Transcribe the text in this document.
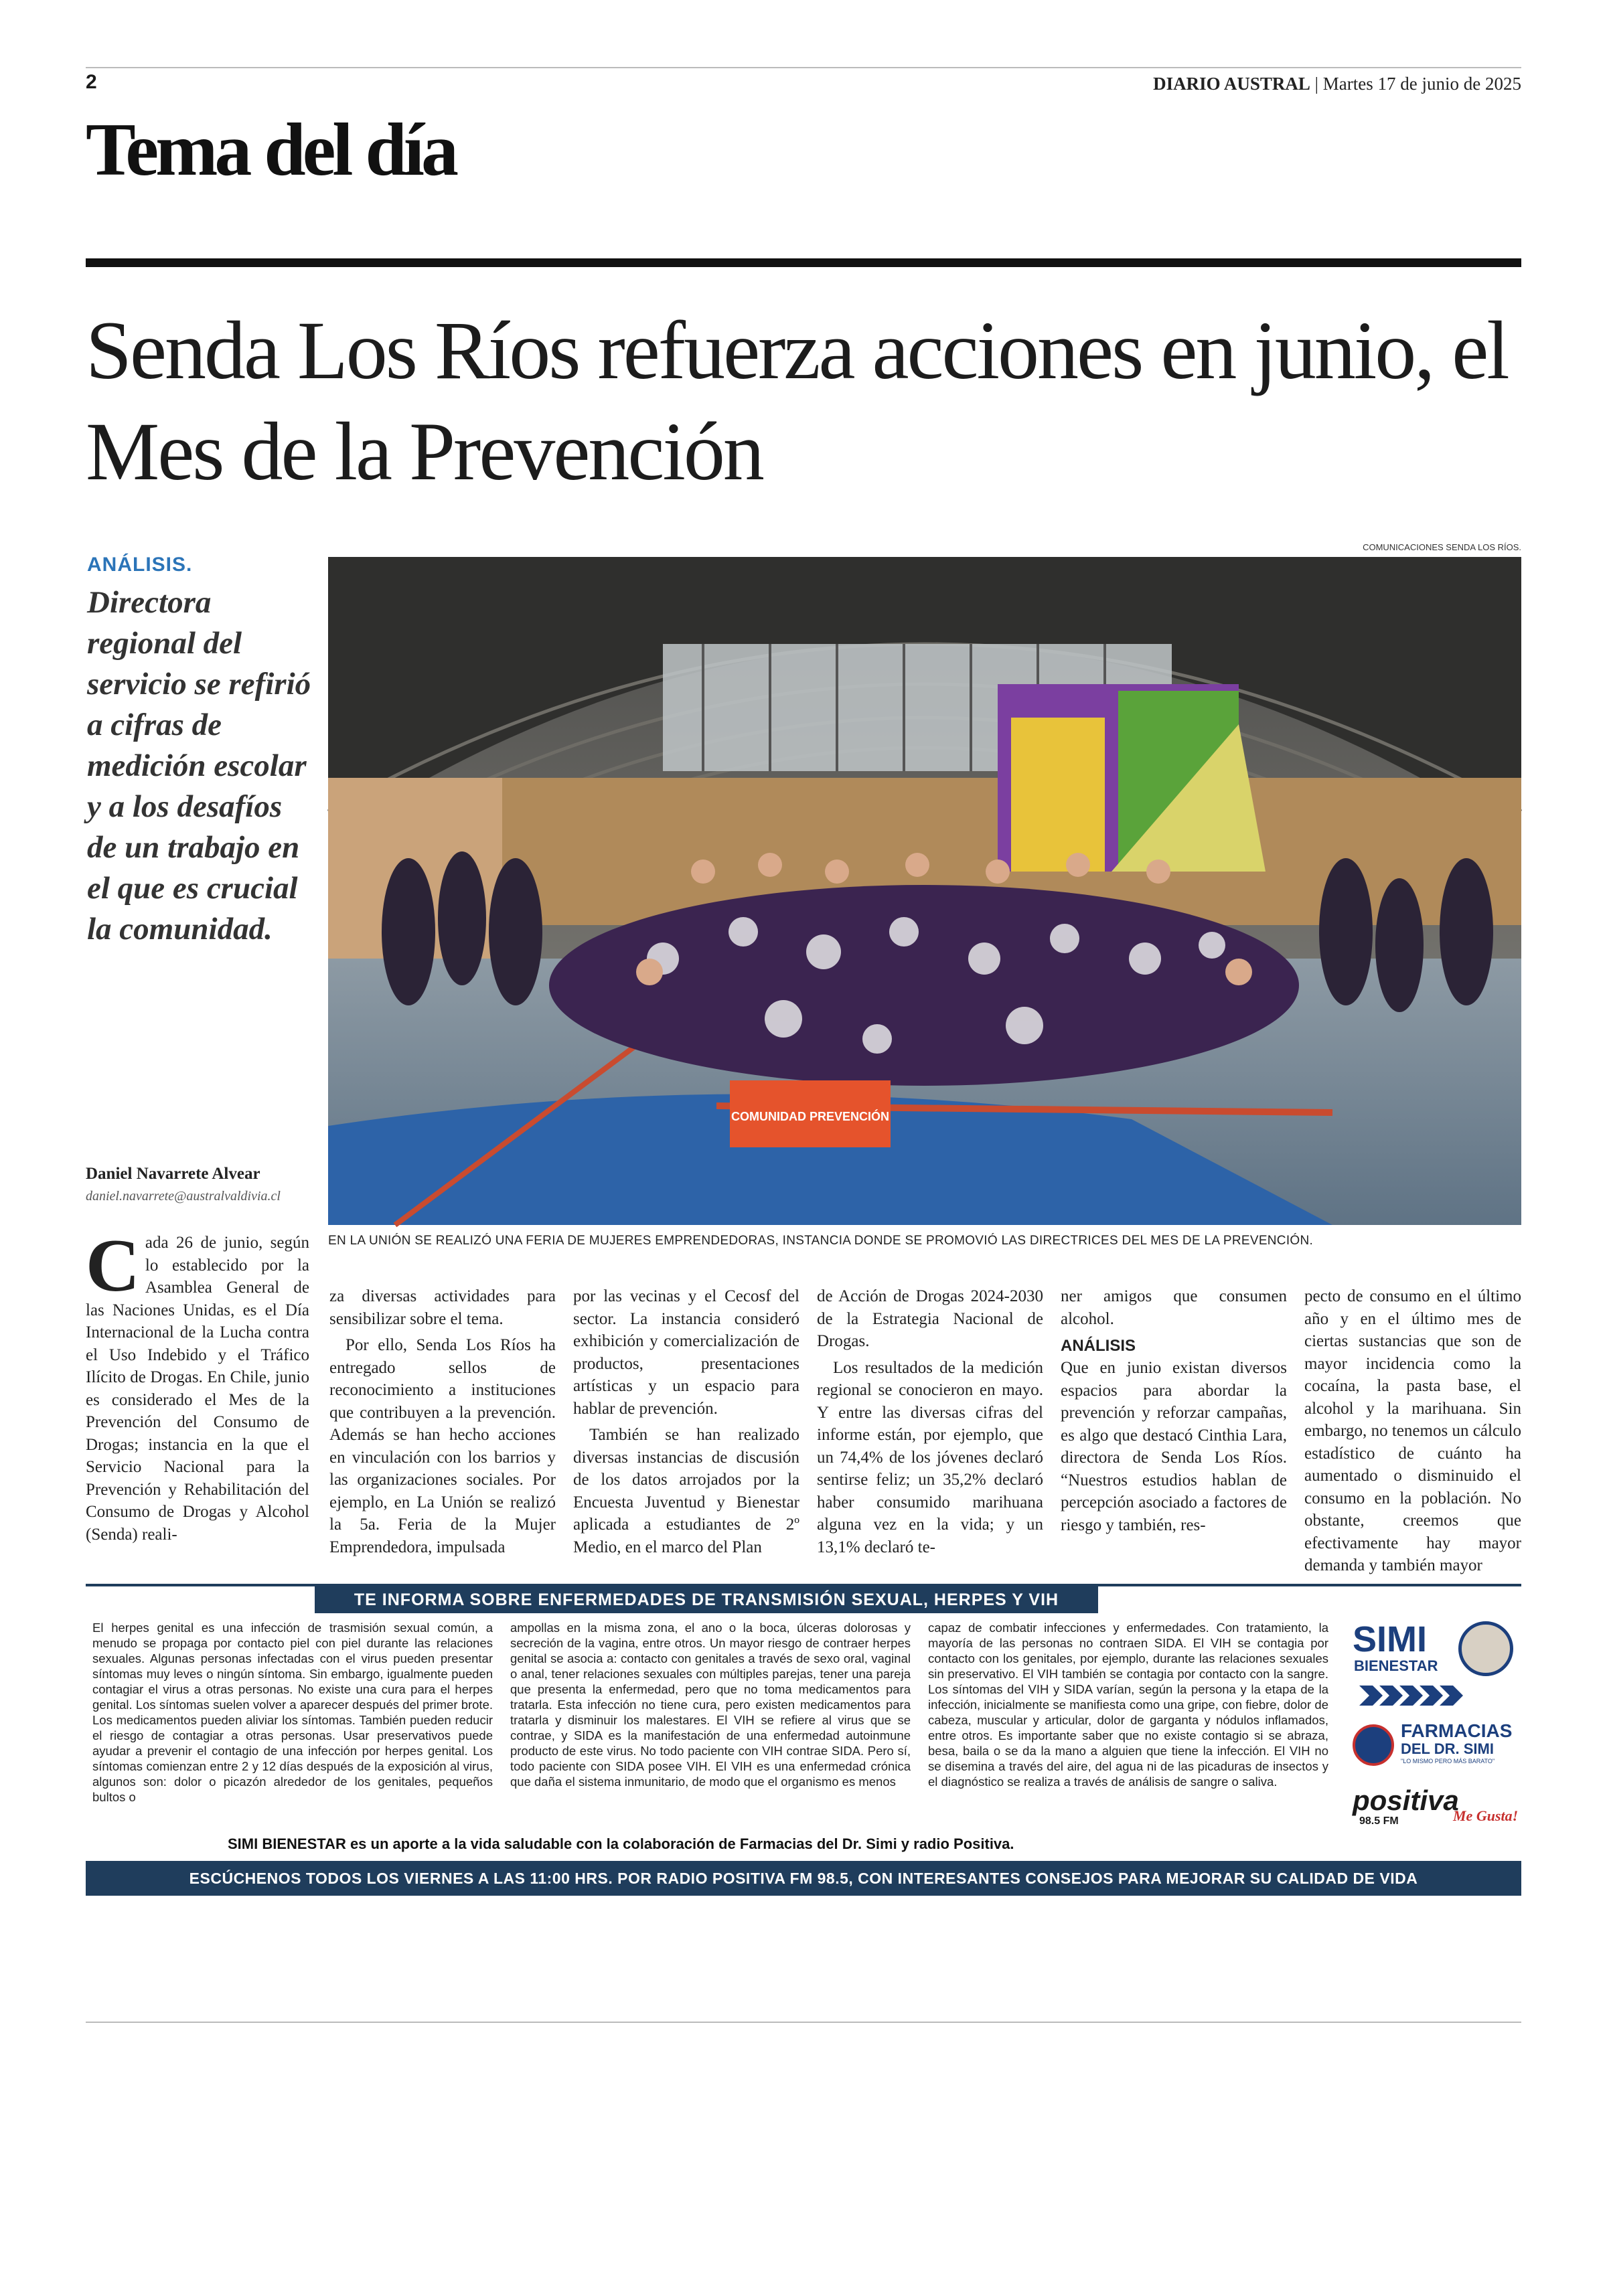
2	DIARIO AUSTRAL | Martes 17 de junio de 2025
Tema del día
Senda Los Ríos refuerza acciones en junio, el Mes de la Prevención
ANÁLISIS.
Directora regional del servicio se refirió a cifras de medición escolar y a los desafíos de un trabajo en el que es crucial la comunidad.
COMUNICACIONES SENDA LOS RÍOS.
COMUNIDAD PREVENCIÓN
Daniel Navarrete Alvear
daniel.navarrete@australvaldivia.cl
EN LA UNIÓN SE REALIZÓ UNA FERIA DE MUJERES EMPRENDEDORAS, INSTANCIA DONDE SE PROMOVIÓ LAS DIRECTRICES DEL MES DE LA PREVENCIÓN.

Cada 26 de junio, según lo establecido por la Asamblea General de las Naciones Unidas, es el Día Internacional de la Lucha contra el Uso Indebido y el Tráfico Ilícito de Drogas. En Chile, junio es considerado el Mes de la Prevención del Consumo de Drogas; instancia en la que el Servicio Nacional para la Prevención y Rehabilitación del Consumo de Drogas y Alcohol (Senda) reali-

za diversas actividades para sensibilizar sobre el tema.

Por ello, Senda Los Ríos ha entregado sellos de reconocimiento a instituciones que contribuyen a la prevención. Además se han hecho acciones en vinculación con los barrios y las organizaciones sociales. Por ejemplo, en La Unión se realizó la 5a. Feria de la Mujer Emprendedora, impulsada

por las vecinas y el Cecosf del sector. La instancia consideró exhibición y comercialización de productos, presentaciones artísticas y un espacio para hablar de prevención.

También se han realizado diversas instancias de discusión de los datos arrojados por la Encuesta Juventud y Bienestar aplicada a estudiantes de 2º Medio, en el marco del Plan

de Acción de Drogas 2024-2030 de la Estrategia Nacional de Drogas.

Los resultados de la medición regional se conocieron en mayo. Y entre las diversas cifras del informe están, por ejemplo, que un 74,4% de los jóvenes declaró sentirse feliz; un 35,2% declaró haber consumido marihuana alguna vez en la vida; y un 13,1% declaró te-

ner amigos que consumen alcohol.

ANÁLISIS

Que en junio existan diversos espacios para abordar la prevención y reforzar campañas, es algo que destacó Cinthia Lara, directora de Senda Los Ríos. “Nuestros estudios hablan de percepción asociado a factores de riesgo y también, res-

pecto de consumo en el último año y en el último mes de ciertas sustancias que son de mayor incidencia como la cocaína, la pasta base, el alcohol y la marihuana. Sin embargo, no tenemos un cálculo estadístico de cuánto ha aumentado o disminuido el consumo en la población. No obstante, creemos que efectivamente hay mayor demanda y también mayor

TE INFORMA SOBRE ENFERMEDADES DE TRANSMISIÓN SEXUAL, HERPES Y VIH
El herpes genital es una infección de trasmisión sexual común, a menudo se propaga por contacto piel con piel durante las relaciones sexuales. Algunas personas infectadas con el virus pueden presentar síntomas muy leves o ningún síntoma. Sin embargo, igualmente pueden contagiar el virus a otras personas. No existe una cura para el herpes genital. Los síntomas suelen volver a aparecer después del primer brote. Los medicamentos pueden aliviar los síntomas. También pueden reducir el riesgo de contagiar a otras personas. Usar preservativos puede ayudar a prevenir el contagio de una infección por herpes genital. Los síntomas comienzan entre 2 y 12 días después de la exposición al virus, algunos son: dolor o picazón alrededor de los genitales, pequeños bultos o
ampollas en la misma zona, el ano o la boca, úlceras dolorosas y secreción de la vagina, entre otros. Un mayor riesgo de contraer herpes genital se asocia a: contacto con genitales a través de sexo oral, vaginal o anal, tener relaciones sexuales con múltiples parejas, tener una pareja que presenta la enfermedad, pero que no toma medicamentos para tratarla. Esta infección no tiene cura, pero existen medicamentos para tratarla y disminuir los malestares. El VIH se refiere al virus que se contrae, y SIDA es la manifestación de una enfermedad autoinmune producto de este virus. No todo paciente con VIH contrae SIDA. Pero sí, todo paciente con SIDA posee VIH. El VIH es una enfermedad crónica que daña el sistema inmunitario, de modo que el organismo es menos
capaz de combatir infecciones y enfermedades. Con tratamiento, la mayoría de las personas no contraen SIDA. El VIH se contagia por contacto con los genitales, por ejemplo, durante las relaciones sexuales sin preservativo. El VIH también se contagia por contacto con la sangre. Los síntomas del VIH y SIDA varían, según la persona y la etapa de la infección, inicialmente se manifiesta como una gripe, con fiebre, dolor de cabeza, muscular y articular, dolor de garganta y nódulos inflamados, entre otros. Es importante saber que no existe contagio si se abraza, besa, baila o se da la mano a alguien que tiene la infección. El VIH no se disemina a través del aire, del agua ni de las picaduras de insectos y el diagnóstico se realiza a través de análisis de sangre o saliva.
SIMI
BIENESTAR
FARMACIAS
DEL DR. SIMI
"LO MISMO PERO MÁS BARATO"
positiva
98.5 FM	Me Gusta!
SIMI BIENESTAR es un aporte a la vida saludable con la colaboración de Farmacias del Dr. Simi y radio Positiva.
ESCÚCHENOS TODOS LOS VIERNES A LAS 11:00 HRS. POR RADIO POSITIVA FM 98.5, CON INTERESANTES CONSEJOS PARA MEJORAR SU CALIDAD DE VIDA
